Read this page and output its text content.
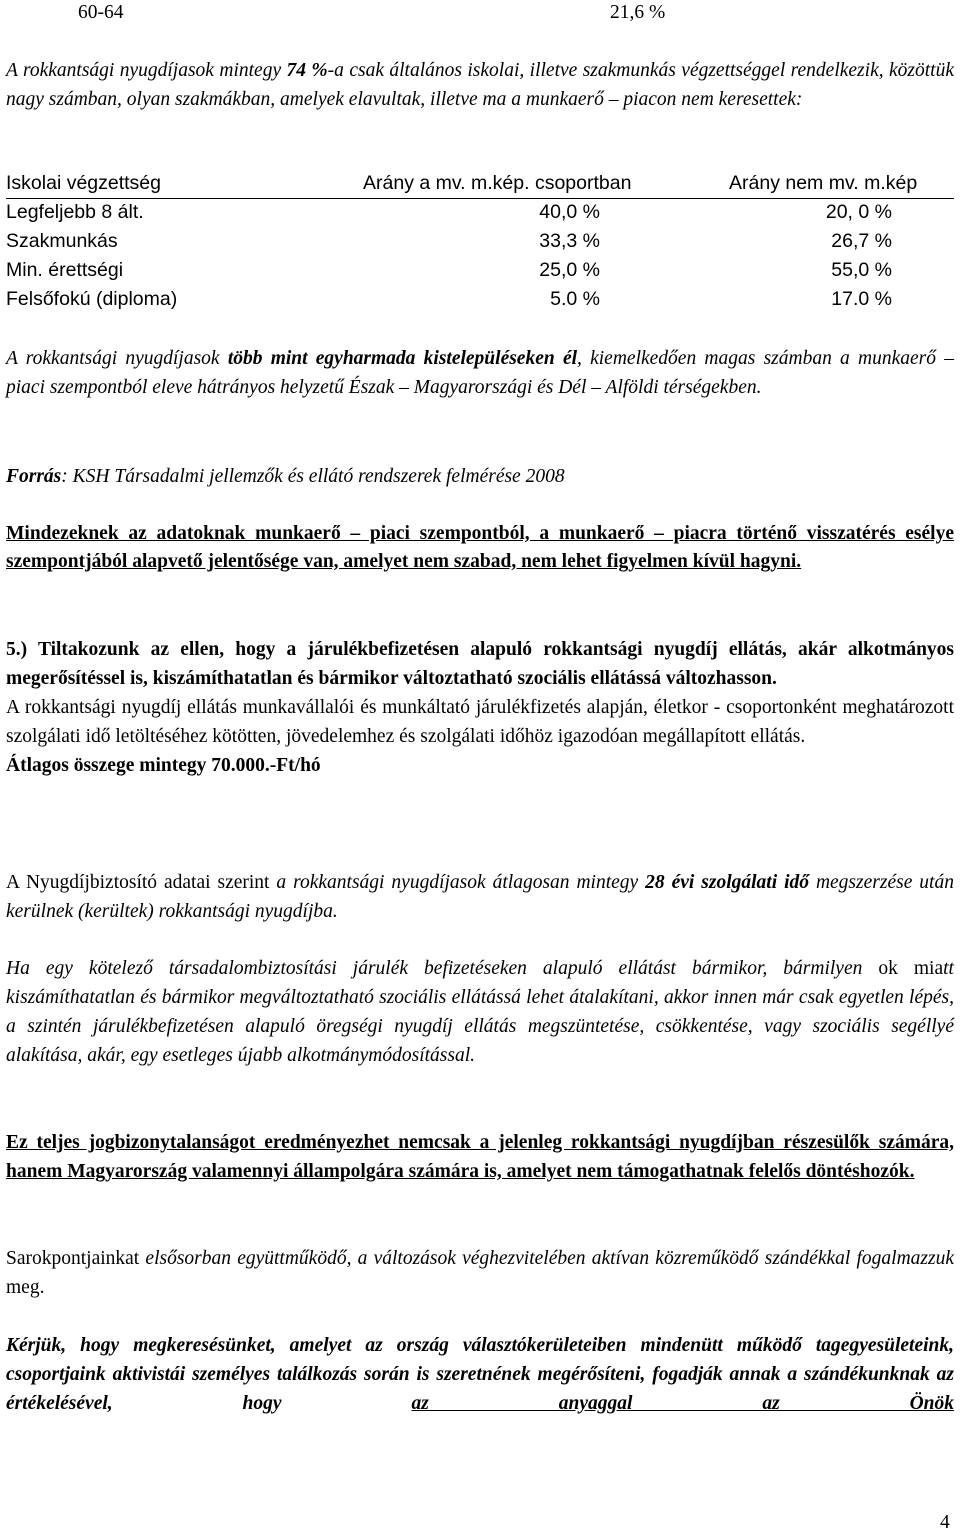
60-64	21,6 %
A rokkantsági nyugdíjasok mintegy 74 %-a csak általános iskolai, illetve szakmunkás végzettséggel rendelkezik, közöttük nagy számban, olyan szakmákban, amelyek elavultak, illetve ma a munkaerő – piacon nem keresettek:
Iskolai végzettség	Arány a mv. m.kép. csoportban	Arány nem mv. m.kép
Legfeljebb 8 ált.	40,0 %	20, 0 %
Szakmunkás	33,3 %	26,7 %
Min. érettségi	25,0 %	55,0 %
Felsőfokú (diploma)	5.0 %	17.0 %
A rokkantsági nyugdíjasok több mint egyharmada kistelepüléseken él, kiemelkedően magas számban a munkaerő – piaci szempontból eleve hátrányos helyzetű Észak – Magyarországi és Dél – Alföldi térségekben.
Forrás: KSH Társadalmi jellemzők és ellátó rendszerek felmérése 2008
Mindezeknek az adatoknak munkaerő – piaci szempontból, a munkaerő – piacra történő visszatérés esélye szempontjából alapvető jelentősége van, amelyet nem szabad, nem lehet figyelmen kívül hagyni.
5.) Tiltakozunk az ellen, hogy a járulékbefizetésen alapuló rokkantsági nyugdíj ellátás, akár alkotmányos megerősítéssel is, kiszámíthatatlan és bármikor változtatható szociális ellátássá változhasson.
A rokkantsági nyugdíj ellátás munkavállalói és munkáltató járulékfizetés alapján, életkor - csoportonként meghatározott szolgálati idő letöltéséhez kötötten, jövedelemhez és szolgálati időhöz igazodóan megállapított ellátás.
Átlagos összege mintegy 70.000.-Ft/hó
A Nyugdíjbiztosító adatai szerint a rokkantsági nyugdíjasok átlagosan mintegy 28 évi szolgálati idő megszerzése után kerülnek (kerültek) rokkantsági nyugdíjba.
Ha egy kötelező társadalombiztosítási járulék befizetéseken alapuló ellátást bármikor, bármilyen ok miatt kiszámíthatatlan és bármikor megváltoztatható szociális ellátássá lehet átalakítani, akkor innen már csak egyetlen lépés, a szintén járulékbefizetésen alapuló öregségi nyugdíj ellátás megszüntetése, csökkentése, vagy szociális segéllyé alakítása, akár, egy esetleges újabb alkotmánymódosítással.
Ez teljes jogbizonytalanságot eredményezhet nemcsak a jelenleg rokkantsági nyugdíjban részesülők számára, hanem Magyarország valamennyi állampolgára számára is, amelyet nem támogathatnak felelős döntéshozók.
Sarokpontjainkat elsősorban együttműködő, a változások véghezvitelében aktívan közreműködő szándékkal fogalmazzuk meg.
Kérjük, hogy megkeresésünket, amelyet az ország választókerületeiben mindenütt működő tagegyesületeink, csoportjaink aktivistái személyes találkozás során is szeretnének megérősíteni, fogadják annak a szándékunknak az értékelésével, hogy az anyaggal az Önök
4
